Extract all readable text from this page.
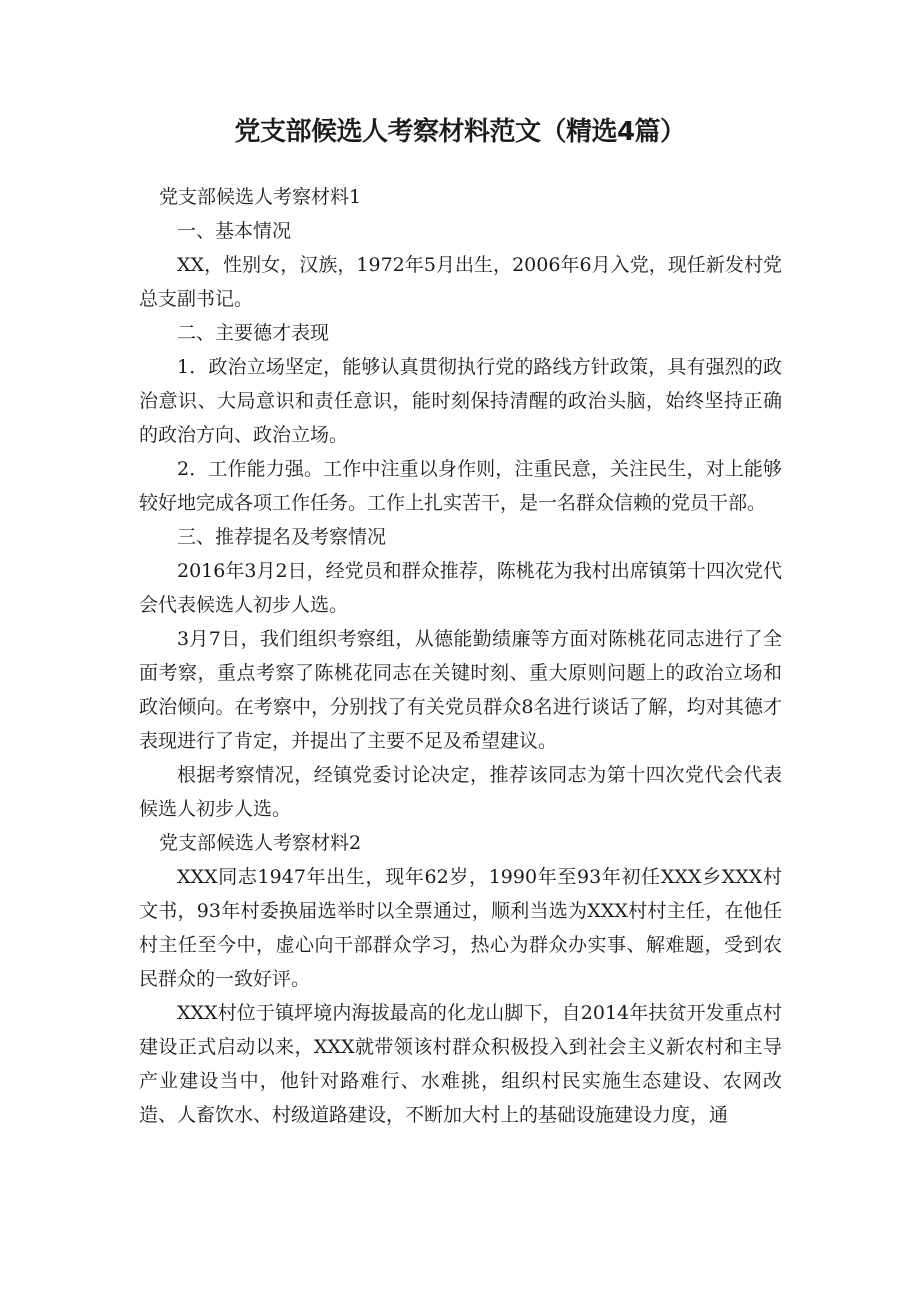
党支部候选人考察材料范文（精选4篇）

党支部候选人考察材料1

一、基本情况

XX，性别女，汉族，1972年5月出生，2006年6月入党，现任新发村党总支副书记。

二、主要德才表现

1．政治立场坚定，能够认真贯彻执行党的路线方针政策，具有强烈的政治意识、大局意识和责任意识，能时刻保持清醒的政治头脑，始终坚持正确的政治方向、政治立场。

2．工作能力强。工作中注重以身作则，注重民意，关注民生，对上能够较好地完成各项工作任务。工作上扎实苦干，是一名群众信赖的党员干部。

三、推荐提名及考察情况

2016年3月2日，经党员和群众推荐，陈桃花为我村出席镇第十四次党代会代表候选人初步人选。

3月7日，我们组织考察组，从德能勤绩廉等方面对陈桃花同志进行了全面考察，重点考察了陈桃花同志在关键时刻、重大原则问题上的政治立场和政治倾向。在考察中，分别找了有关党员群众8名进行谈话了解，均对其德才表现进行了肯定，并提出了主要不足及希望建议。

根据考察情况，经镇党委讨论决定，推荐该同志为第十四次党代会代表候选人初步人选。

党支部候选人考察材料2

XXX同志1947年出生，现年62岁，1990年至93年初任XXX乡XXX村文书，93年村委换届选举时以全票通过，顺利当选为XXX村村主任，在他任村主任至今中，虚心向干部群众学习，热心为群众办实事、解难题，受到农民群众的一致好评。

XXX村位于镇坪境内海拔最高的化龙山脚下，自2014年扶贫开发重点村建设正式启动以来，XXX就带领该村群众积极投入到社会主义新农村和主导产业建设当中，他针对路难行、水难挑，组织村民实施生态建设、农网改造、人畜饮水、村级道路建设，不断加大村上的基础设施建设力度，通
